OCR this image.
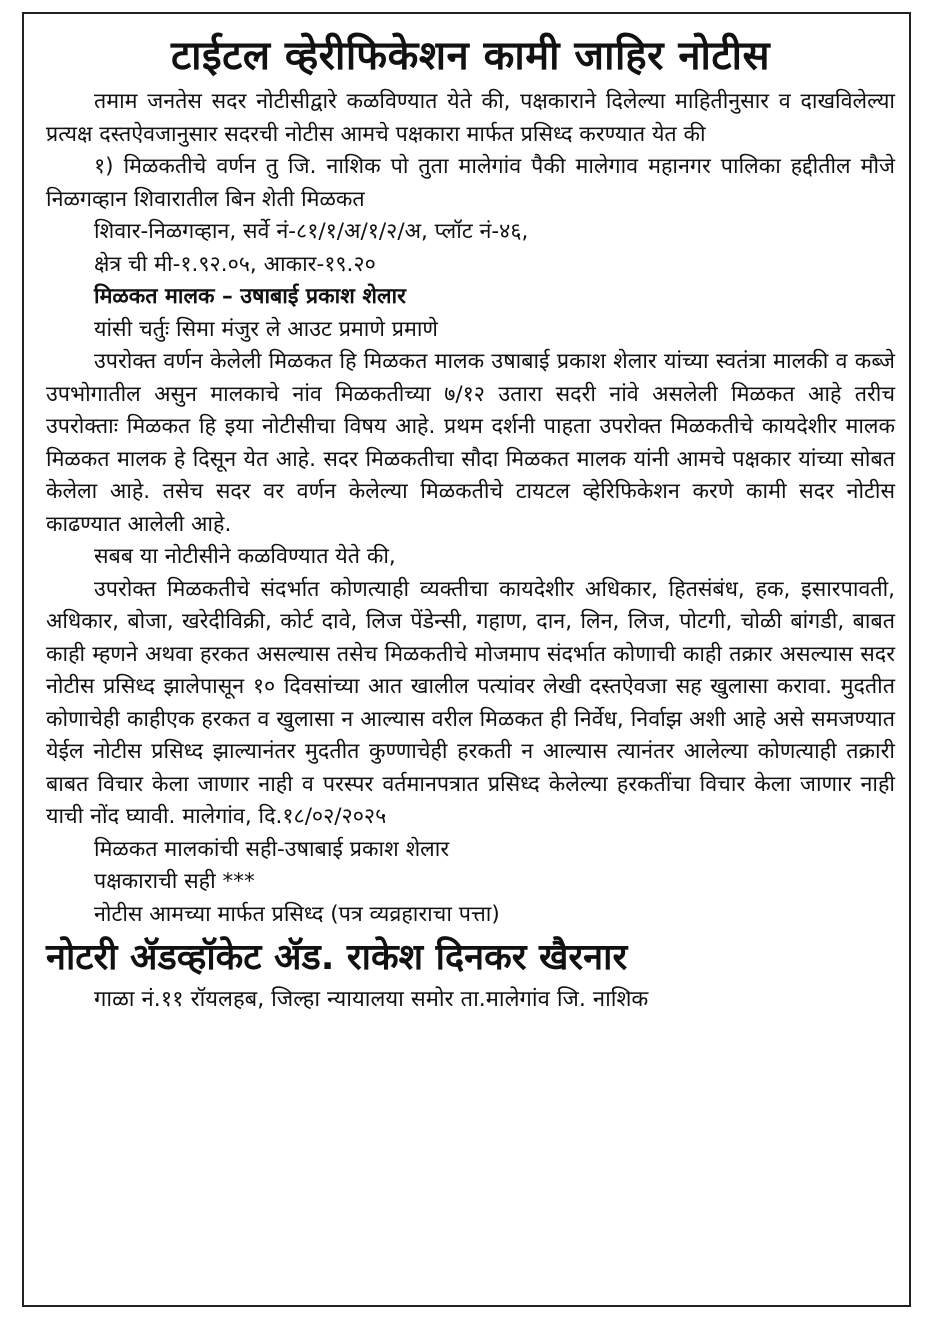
टाईटल व्हेरीफिकेशन कामी जाहिर नोटीस

तमाम जनतेस सदर नोटीसीद्वारे कळविण्यात येते की, पक्षकाराने दिलेल्या माहितीनुसार व दाखविलेल्या प्रत्यक्ष दस्तऐवजानुसार सदरची नोटीस आमचे पक्षकारा मार्फत प्रसिध्द करण्यात येत की

१) मिळकतीचे वर्णन तु जि. नाशिक पो तुता मालेगांव पैकी मालेगाव महानगर पालिका हद्दीतील मौजे निळगव्हान शिवारातील बिन शेती मिळकत

शिवार-निळगव्हान, सर्वे नं-८१/१/अ/१/२/अ, प्लॉट नं-४६,

क्षेत्र ची मी-१.९२.०५, आकार-१९.२०

मिळकत मालक – उषाबाई प्रकाश शेलार

यांसी चर्तुः सिमा मंजुर ले आउट प्रमाणे प्रमाणे

उपरोक्त वर्णन केलेली मिळकत हि मिळकत मालक उषाबाई प्रकाश शेलार यांच्या स्वतंत्रा मालकी व कब्जे उपभोगातील असुन मालकाचे नांव मिळकतीच्या ७/१२ उतारा सदरी नांवे असलेली मिळकत आहे तरीच उपरोक्ताः मिळकत हि इया नोटीसीचा विषय आहे. प्रथम दर्शनी पाहता उपरोक्त मिळकतीचे कायदेशीर मालक मिळकत मालक हे दिसून येत आहे. सदर मिळकतीचा सौदा मिळकत मालक यांनी आमचे पक्षकार यांच्या सोबत केलेला आहे. तसेच सदर वर वर्णन केलेल्या मिळकतीचे टायटल व्हेरिफिकेशन करणे कामी सदर नोटीस काढण्यात आलेली आहे.

सबब या नोटीसीने कळविण्यात येते की,

उपरोक्त मिळकतीचे संदर्भात कोणत्याही व्यक्तीचा कायदेशीर अधिकार, हितसंबंध, हक, इसारपावती, अधिकार, बोजा, खरेदीविक्री, कोर्ट दावे, लिज पेंडेन्सी, गहाण, दान, लिन, लिज, पोटगी, चोळी बांगडी, बाबत काही म्हणने अथवा हरकत असल्यास तसेच मिळकतीचे मोजमाप संदर्भात कोणाची काही तक्रार असल्यास सदर नोटीस प्रसिध्द झालेपासून १० दिवसांच्या आत खालील पत्यांवर लेखी दस्तऐवजा सह खुलासा करावा. मुदतीत कोणाचेही काहीएक हरकत व खुलासा न आल्यास वरील मिळकत ही निर्वेध, निर्वाझ अशी आहे असे समजण्यात येईल नोटीस प्रसिध्द झाल्यानंतर मुदतीत कुण्णाचेही हरकती न आल्यास त्यानंतर आलेल्या कोणत्याही तक्रारी बाबत विचार केला जाणार नाही व परस्पर वर्तमानपत्रात प्रसिध्द केलेल्या हरकतींचा विचार केला जाणार नाही याची नोंद घ्यावी. मालेगांव, दि.१८/०२/२०२५

मिळकत मालकांची सही-उषाबाई प्रकाश शेलार

पक्षकाराची सही ***

नोटीस आमच्या मार्फत प्रसिध्द (पत्र व्यव्रहाराचा पत्ता)

नोटरी ॲडव्हॉकेट ॲड. राकेश दिनकर खैरनार
गाळा नं.११ रॉयलहब, जिल्हा न्यायालया समोर ता.मालेगांव जि. नाशिक
